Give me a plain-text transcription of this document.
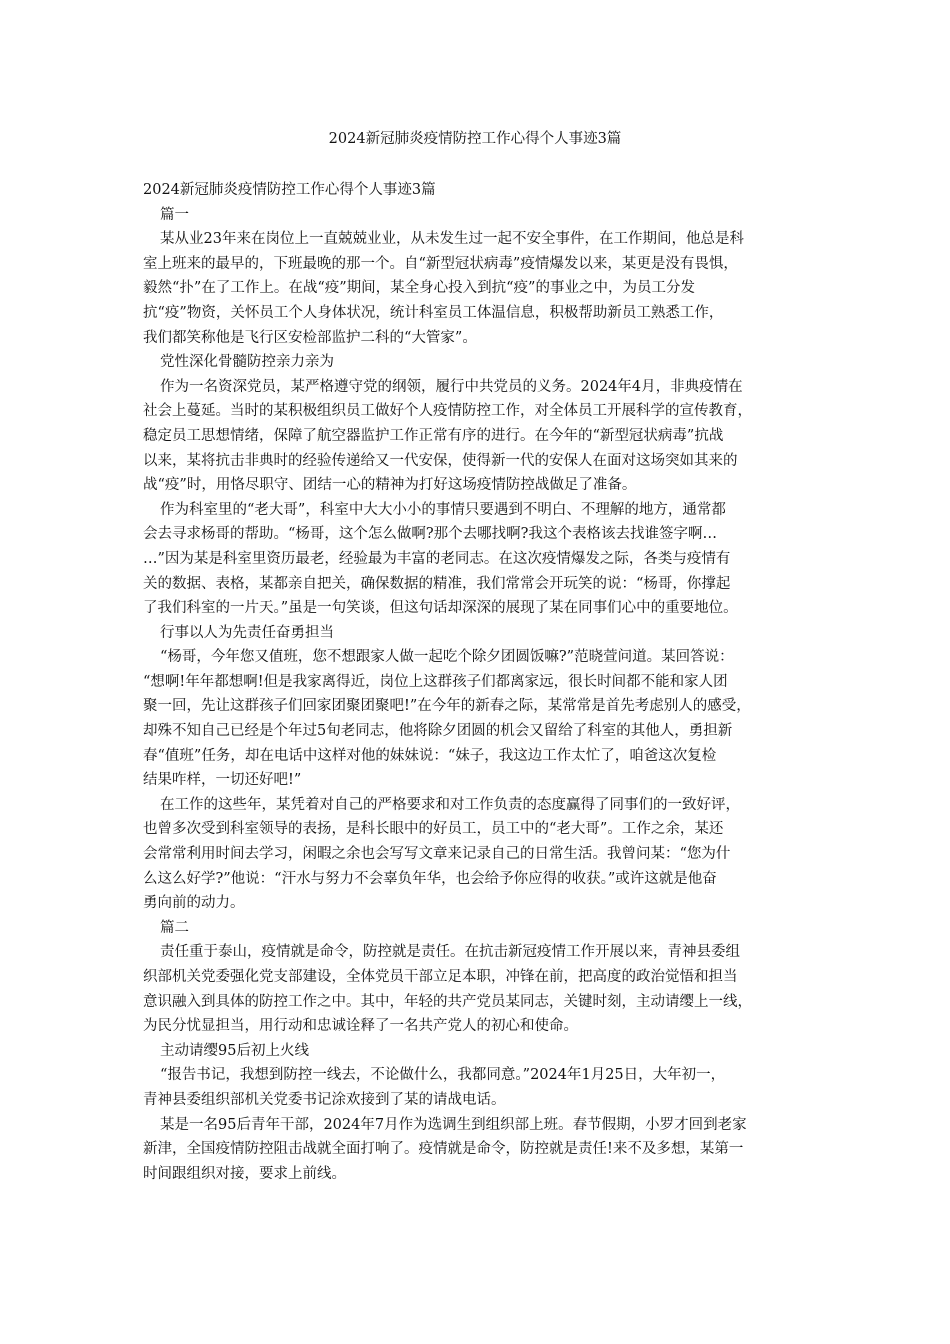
2024新冠肺炎疫情防控工作心得个人事迹3篇
2024新冠肺炎疫情防控工作心得个人事迹3篇
篇一
某从业23年来在岗位上一直兢兢业业，从未发生过一起不安全事件，在工作期间，他总是科
室上班来的最早的，下班最晚的那一个。自“新型冠状病毒”疫情爆发以来，某更是没有畏惧，
毅然“扑”在了工作上。在战“疫”期间，某全身心投入到抗“疫”的事业之中，为员工分发
抗“疫”物资，关怀员工个人身体状况，统计科室员工体温信息，积极帮助新员工熟悉工作，
我们都笑称他是飞行区安检部监护二科的“大管家”。
党性深化骨髓防控亲力亲为
作为一名资深党员，某严格遵守党的纲领，履行中共党员的义务。2024年4月，非典疫情在
社会上蔓延。当时的某积极组织员工做好个人疫情防控工作，对全体员工开展科学的宣传教育，
稳定员工思想情绪，保障了航空器监护工作正常有序的进行。在今年的“新型冠状病毒”抗战
以来，某将抗击非典时的经验传递给又一代安保，使得新一代的安保人在面对这场突如其来的
战“疫”时，用恪尽职守、团结一心的精神为打好这场疫情防控战做足了准备。
作为科室里的“老大哥”，科室中大大小小的事情只要遇到不明白、不理解的地方，通常都
会去寻求杨哥的帮助。“杨哥，这个怎么做啊?那个去哪找啊?我这个表格该去找谁签字啊…
…”因为某是科室里资历最老，经验最为丰富的老同志。在这次疫情爆发之际，各类与疫情有
关的数据、表格，某都亲自把关，确保数据的精准，我们常常会开玩笑的说：“杨哥，你撑起
了我们科室的一片天。”虽是一句笑谈，但这句话却深深的展现了某在同事们心中的重要地位。
行事以人为先责任奋勇担当
“杨哥，今年您又值班，您不想跟家人做一起吃个除夕团圆饭嘛?”范晓萱问道。某回答说：
“想啊!年年都想啊!但是我家离得近，岗位上这群孩子们都离家远，很长时间都不能和家人团
聚一回，先让这群孩子们回家团聚团聚吧!”在今年的新春之际，某常常是首先考虑别人的感受，
却殊不知自己已经是个年过5旬老同志，他将除夕团圆的机会又留给了科室的其他人，勇担新
春“值班”任务，却在电话中这样对他的妹妹说：“妹子，我这边工作太忙了，咱爸这次复检
结果咋样，一切还好吧!”
在工作的这些年，某凭着对自己的严格要求和对工作负责的态度赢得了同事们的一致好评，
也曾多次受到科室领导的表扬，是科长眼中的好员工，员工中的“老大哥”。工作之余，某还
会常常利用时间去学习，闲暇之余也会写写文章来记录自己的日常生活。我曾问某：“您为什
么这么好学?”他说：“汗水与努力不会辜负年华，也会给予你应得的收获。”或许这就是他奋
勇向前的动力。
篇二
责任重于泰山，疫情就是命令，防控就是责任。在抗击新冠疫情工作开展以来，青神县委组
织部机关党委强化党支部建设，全体党员干部立足本职，冲锋在前，把高度的政治觉悟和担当
意识融入到具体的防控工作之中。其中，年轻的共产党员某同志，关键时刻，主动请缨上一线，
为民分忧显担当，用行动和忠诚诠释了一名共产党人的初心和使命。
主动请缨95后初上火线
“报告书记，我想到防控一线去，不论做什么，我都同意。”2024年1月25日，大年初一，
青神县委组织部机关党委书记涂欢接到了某的请战电话。
某是一名95后青年干部，2024年7月作为选调生到组织部上班。春节假期，小罗才回到老家
新津，全国疫情防控阻击战就全面打响了。疫情就是命令，防控就是责任!来不及多想，某第一
时间跟组织对接，要求上前线。
